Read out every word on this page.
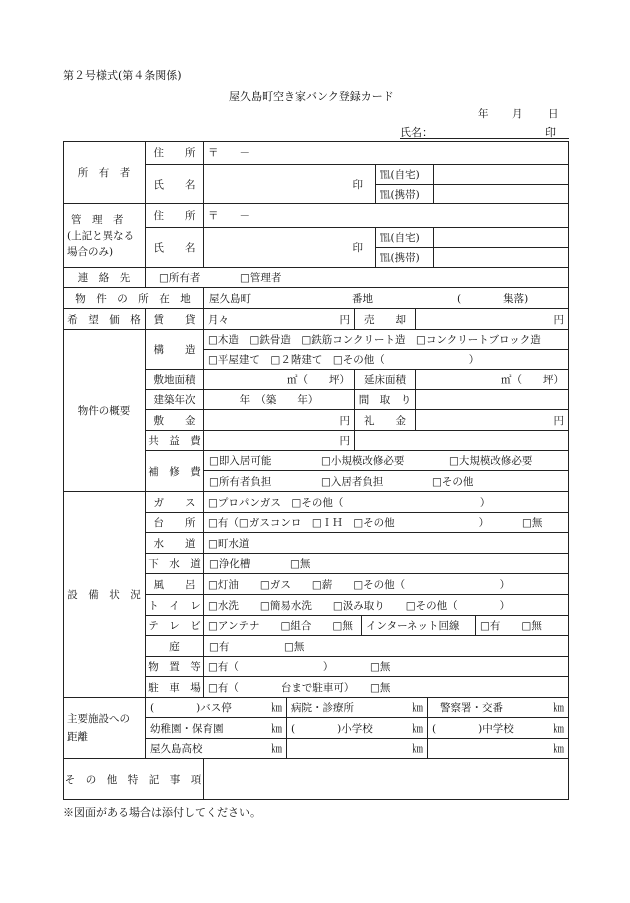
第２号様式(第４条関係)
屋久島町空き家バンク登録カード
年 月 日
氏名：	印
所　有　者
住　　所 〒　　－
氏　　名	印
℡(自宅)
℡(携帯)
管　理　者
(上記と異なる
場合のみ)
住　　所 〒　　－
氏　　名	印
℡(自宅)
℡(携帯)
連　絡　先	□所有者	□管理者
物　件　の　所　在　地 屋久島町	番地	(　　　　集落)
希　望　価　格 賃　　貸 月々	円 売　　却	円
物件の概要
構　　造
□木造　□鉄骨造　□鉄筋コンクリート造　□コンクリートブロック造
□平屋建て　□２階建て　□その他（　　　　　　　　）
敷地面積	㎡（　　坪） 延床面積	㎡（　　坪）
建築年次	年　（築　　年）	間　取　り
敷　　金	円 礼　　金	円
共　益　費	円
補　修　費
□即入居可能	□小規模改修必要	□大規模改修必要
□所有者負担	□入居者負担	□その他
設　備　状　況
ガ　　ス □プロパンガス　□その他（　　　　　　　　　　　　　）
台　　所 □有（□ガスコンロ　□ＩＨ　□その他　　　　　　　　）	□無
水　　道 □町水道
下　水　道 □浄化槽	□無
風　　呂 □灯油　　□ガス　　□薪　　□その他（　　　　　　　　　）
ト　イ　レ □水洗　　□簡易水洗　　□汲み取り　　□その他（　　　　）
テ　レ　ビ □アンテナ　　□組合　　□無 インターネット回線 □有　　□無
庭	□有	□無
物　置　等 □有（　　　　　　　　）	□無
駐　車　場 □有（　　　　台まで駐車可） □無
主要施設への
距離
(　　　　)バス停	㎞ 病院・診療所	㎞ 警察署・交番	㎞
幼稚園・保育園	㎞ (　　　　)小学校	㎞ (　　　　)中学校	㎞
屋久島高校	㎞	㎞	㎞
そ　の　他　特　記　事　項
※図面がある場合は添付してください。
